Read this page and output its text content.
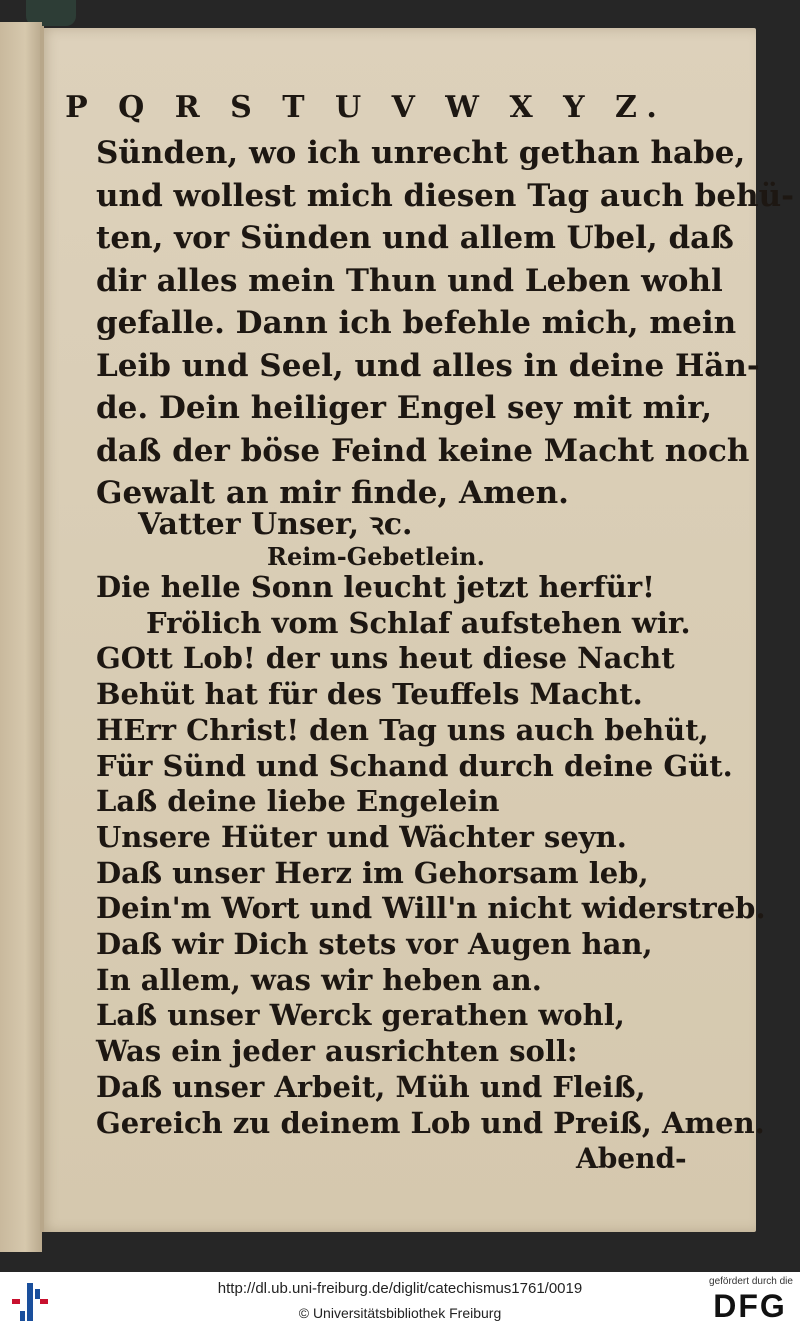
P Q R S T U V W X Y Z.
Sünden, wo ich unrecht gethan habe,
und wollest mich diesen Tag auch behü-
ten, vor Sünden und allem Ubel, daß
dir alles mein Thun und Leben wohl
gefalle. Dann ich befehle mich, mein
Leib und Seel, und alles in deine Hän-
de. Dein heiliger Engel sey mit mir,
daß der böse Feind keine Macht noch
Gewalt an mir finde, Amen.
Vatter Unser, ꝛc.
Reim-Gebetlein.
Die helle Sonn leucht jetzt herfür!
Frölich vom Schlaf aufstehen wir.
GOtt Lob! der uns heut diese Nacht
Behüt hat für des Teuffels Macht.
HErr Christ! den Tag uns auch behüt,
Für Sünd und Schand durch deine Güt.
Laß deine liebe Engelein
Unsere Hüter und Wächter seyn.
Daß unser Herz im Gehorsam leb,
Dein'm Wort und Will'n nicht widerstreb.
Daß wir Dich stets vor Augen han,
In allem, was wir heben an.
Laß unser Werck gerathen wohl,
Was ein jeder ausrichten soll:
Daß unser Arbeit, Müh und Fleiß,
Gereich zu deinem Lob und Preiß, Amen.
Abend-
http://dl.ub.uni-freiburg.de/diglit/catechismus1761/0019
© Universitätsbibliothek Freiburg
gefördert durch die
DFG
